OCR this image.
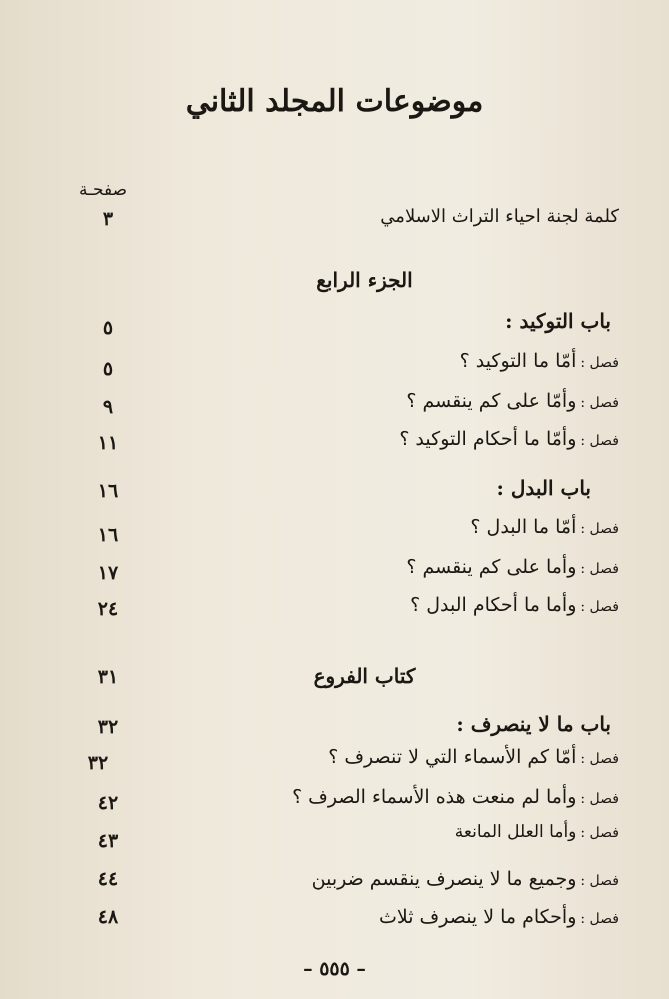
موضوعات المجلد الثاني
صفحـة
كلمة لجنة احياء التراث الاسلامي
٣
الجزء الرابع
باب التوكيد :
٥
فصل :أمّا ما التوكيد ؟
٥
فصل :وأمّا على كم ينقسم ؟
٩
فصل :وأمّا ما أحكام التوكيد ؟
١١
باب البدل :
١٦
فصل :أمّا ما البدل ؟
١٦
فصل :وأما على كم ينقسم ؟
١٧
فصل :وأما ما أحكام البدل ؟
٢٤
كتاب الفروع
٣١
باب ما لا ينصرف :
٣٢
فصل :أمّا كم الأسماء التي لا تنصرف ؟
٣٢
فصل :وأما لم منعت هذه الأسماء الصرف ؟
٤٢
فصل :وأما العلل المانعة
٤٣
فصل :وجميع ما لا ينصرف ينقسم ضربين
٤٤
فصل :وأحكام ما لا ينصرف ثلاث
٤٨
– ٥٥٥ –
